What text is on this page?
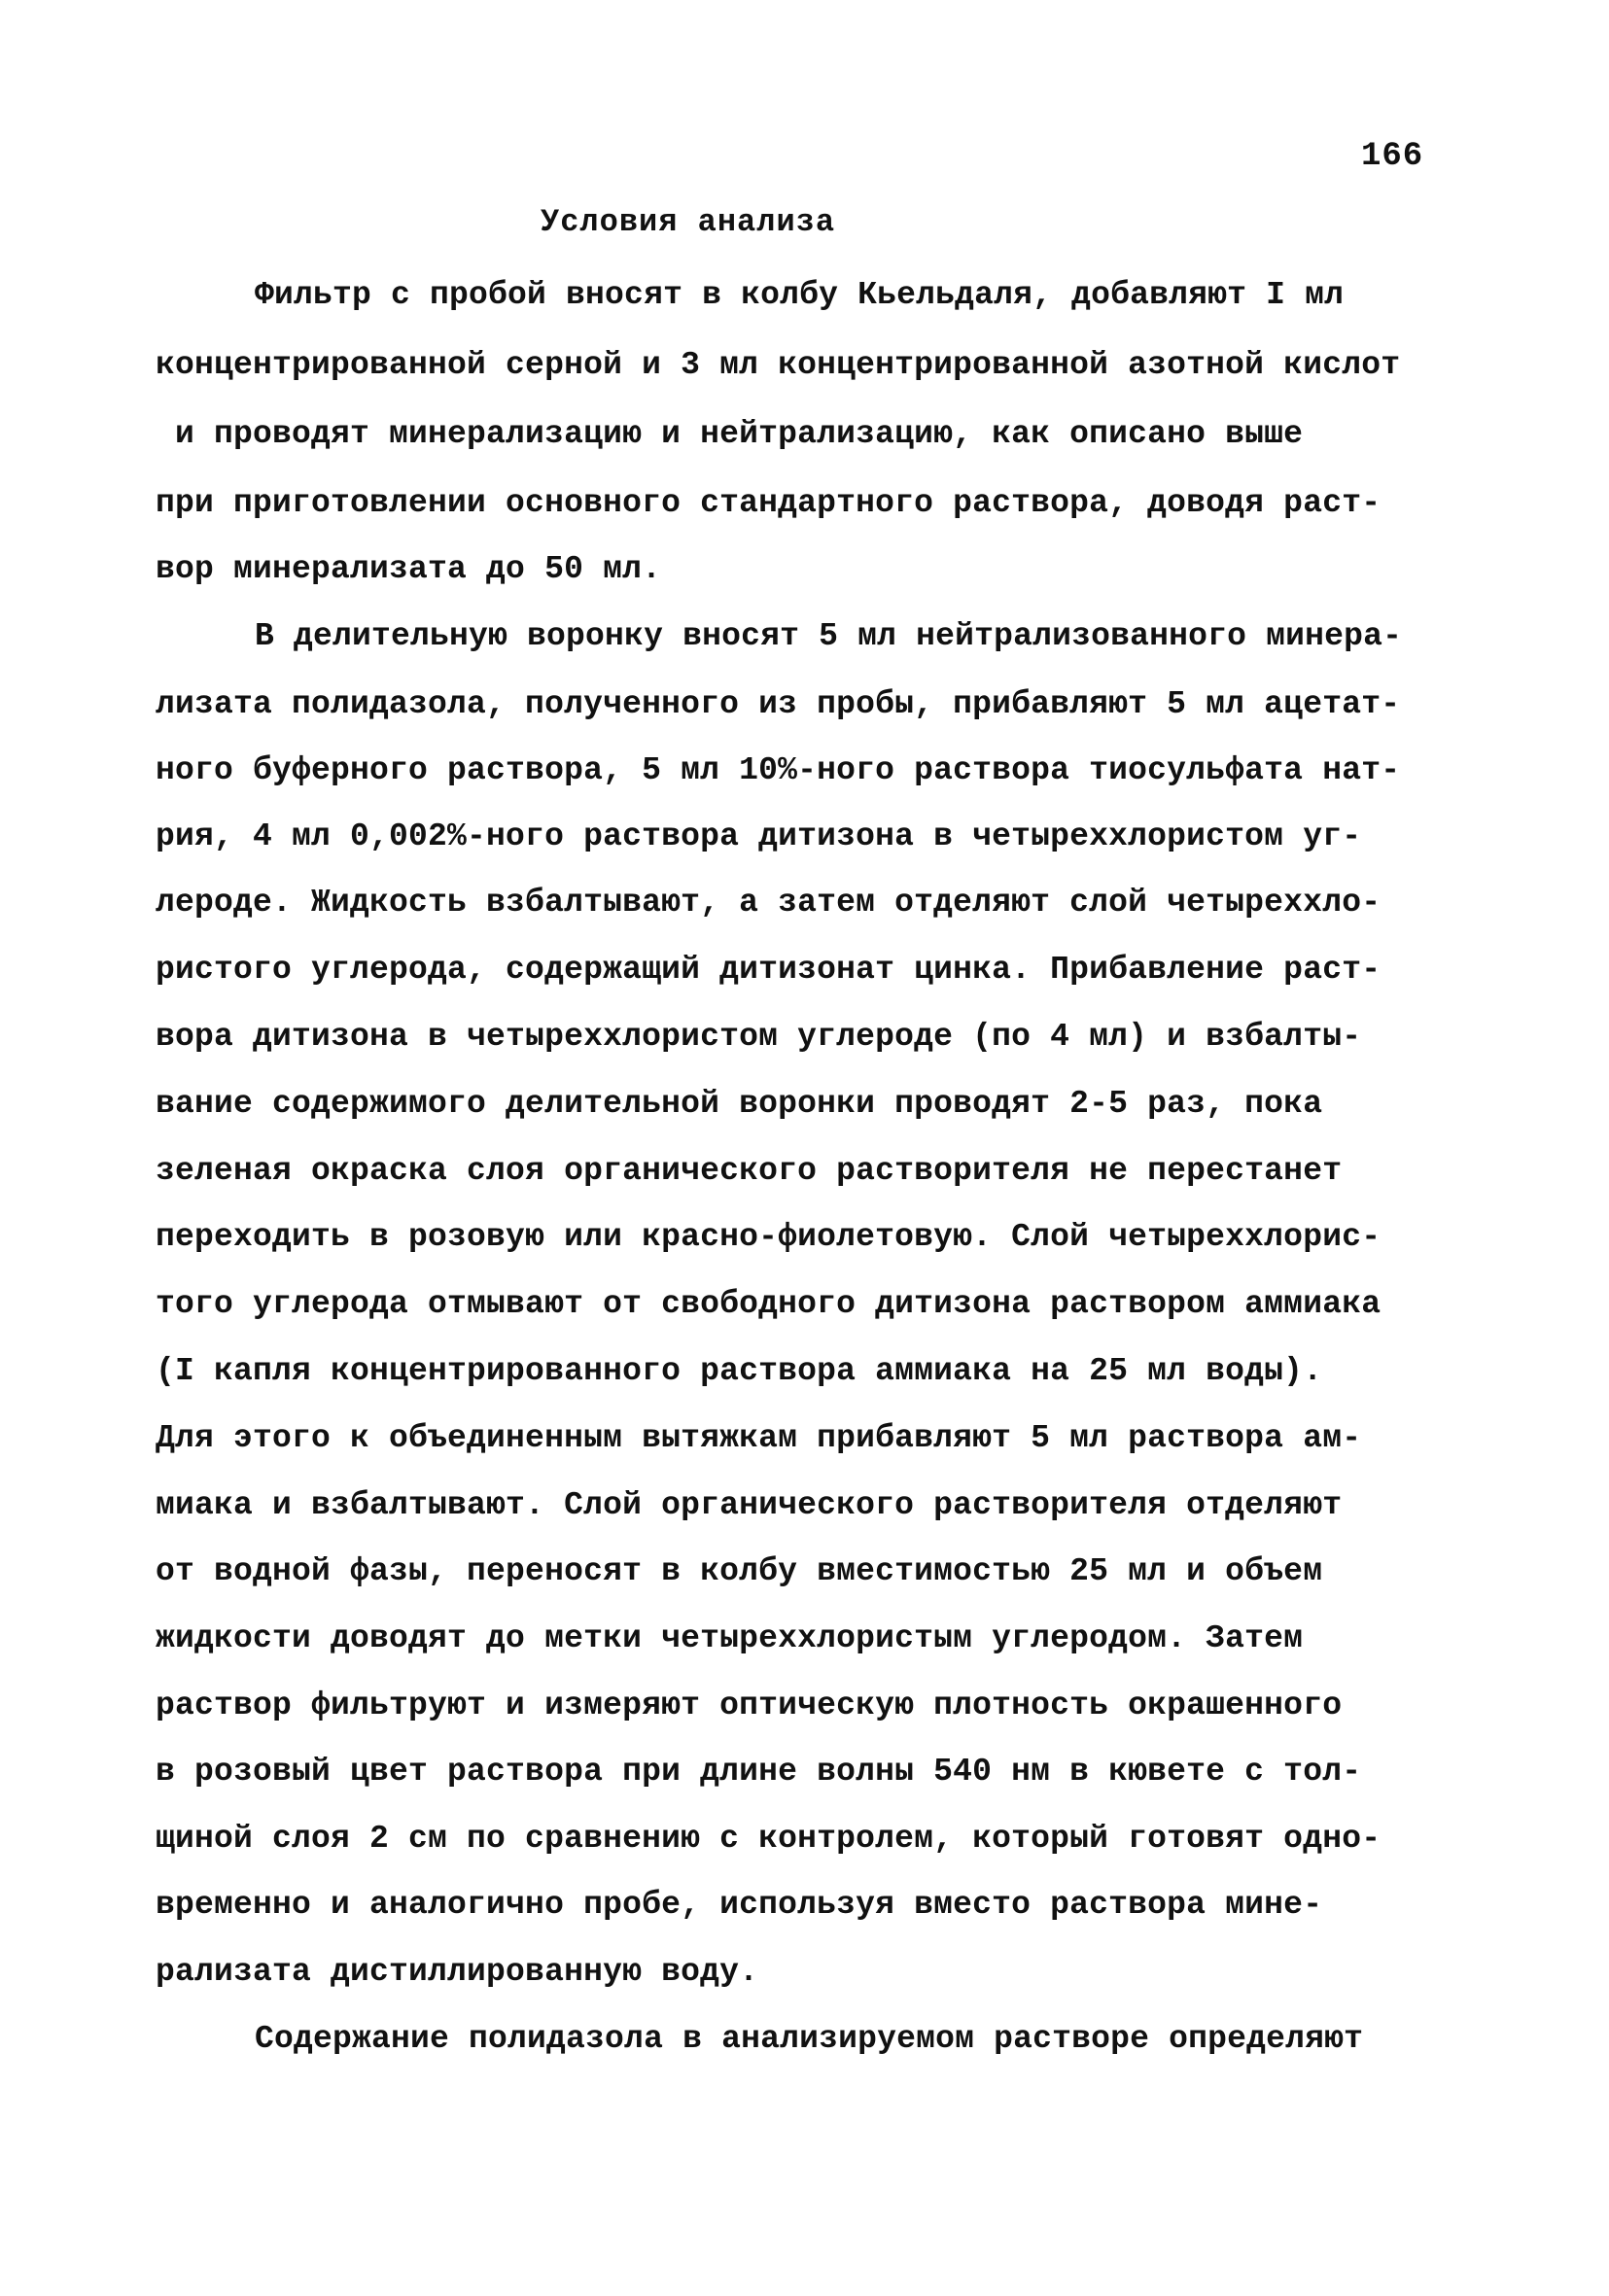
166
Условия анализа
Фильтр с пробой вносят в колбу Кьельдаля, добавляют I мл
концентрированной серной и 3 мл концентрированной азотной кислот
и проводят минерализацию и нейтрализацию, как описано выше
при приготовлении основного стандартного раствора, доводя раст-
вор минерализата до 50 мл.
В делительную воронку вносят 5 мл нейтрализованного минера-
лизата полидазола, полученного из пробы, прибавляют 5 мл ацетат-
ного буферного раствора, 5 мл 10%-ного раствора тиосульфата нат-
рия, 4 мл 0,002%-ного раствора дитизона в четыреххлористом уг-
лероде. Жидкость взбалтывают, а затем отделяют слой четыреххло-
ристого углерода, содержащий дитизонат цинка. Прибавление раст-
вора дитизона в четыреххлористом углероде (по 4 мл) и взбалты-
вание содержимого делительной воронки проводят 2-5 раз, пока
зеленая окраска слоя органического растворителя не перестанет
переходить в розовую или красно-фиолетовую. Слой четыреххлорис-
того углерода отмывают от свободного дитизона раствором аммиака
(I капля концентрированного раствора аммиака на 25 мл воды).
Для этого к объединенным вытяжкам прибавляют 5 мл раствора ам-
миака и взбалтывают. Слой органического растворителя отделяют
от водной фазы, переносят в колбу вместимостью 25 мл и объем
жидкости доводят до метки четыреххлористым углеродом. Затем
раствор фильтруют и измеряют оптическую плотность окрашенного
в розовый цвет раствора при длине волны 540 нм в кювете с тол-
щиной слоя 2 см по сравнению с контролем, который готовят одно-
временно и аналогично пробе, используя вместо раствора мине-
рализата дистиллированную воду.
Содержание полидазола в анализируемом растворе определяют
